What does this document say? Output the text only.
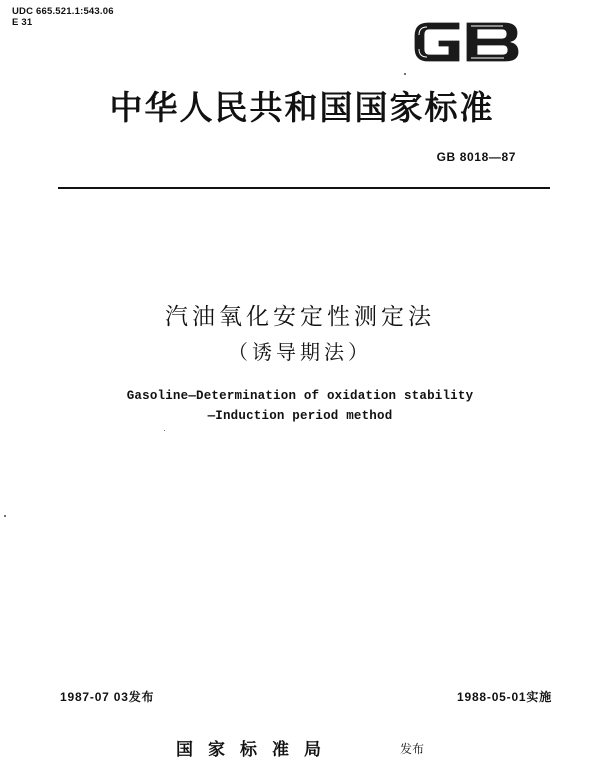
UDC 665.521.1:543.06
E 31
中华人民共和国国家标准
GB 8018—87
汽油氧化安定性测定法
（诱导期法）
Gasoline—Determination of oxidation stability
—Induction period method
1987-07 03发布	1988-05-01实施
国家标准局	发布
